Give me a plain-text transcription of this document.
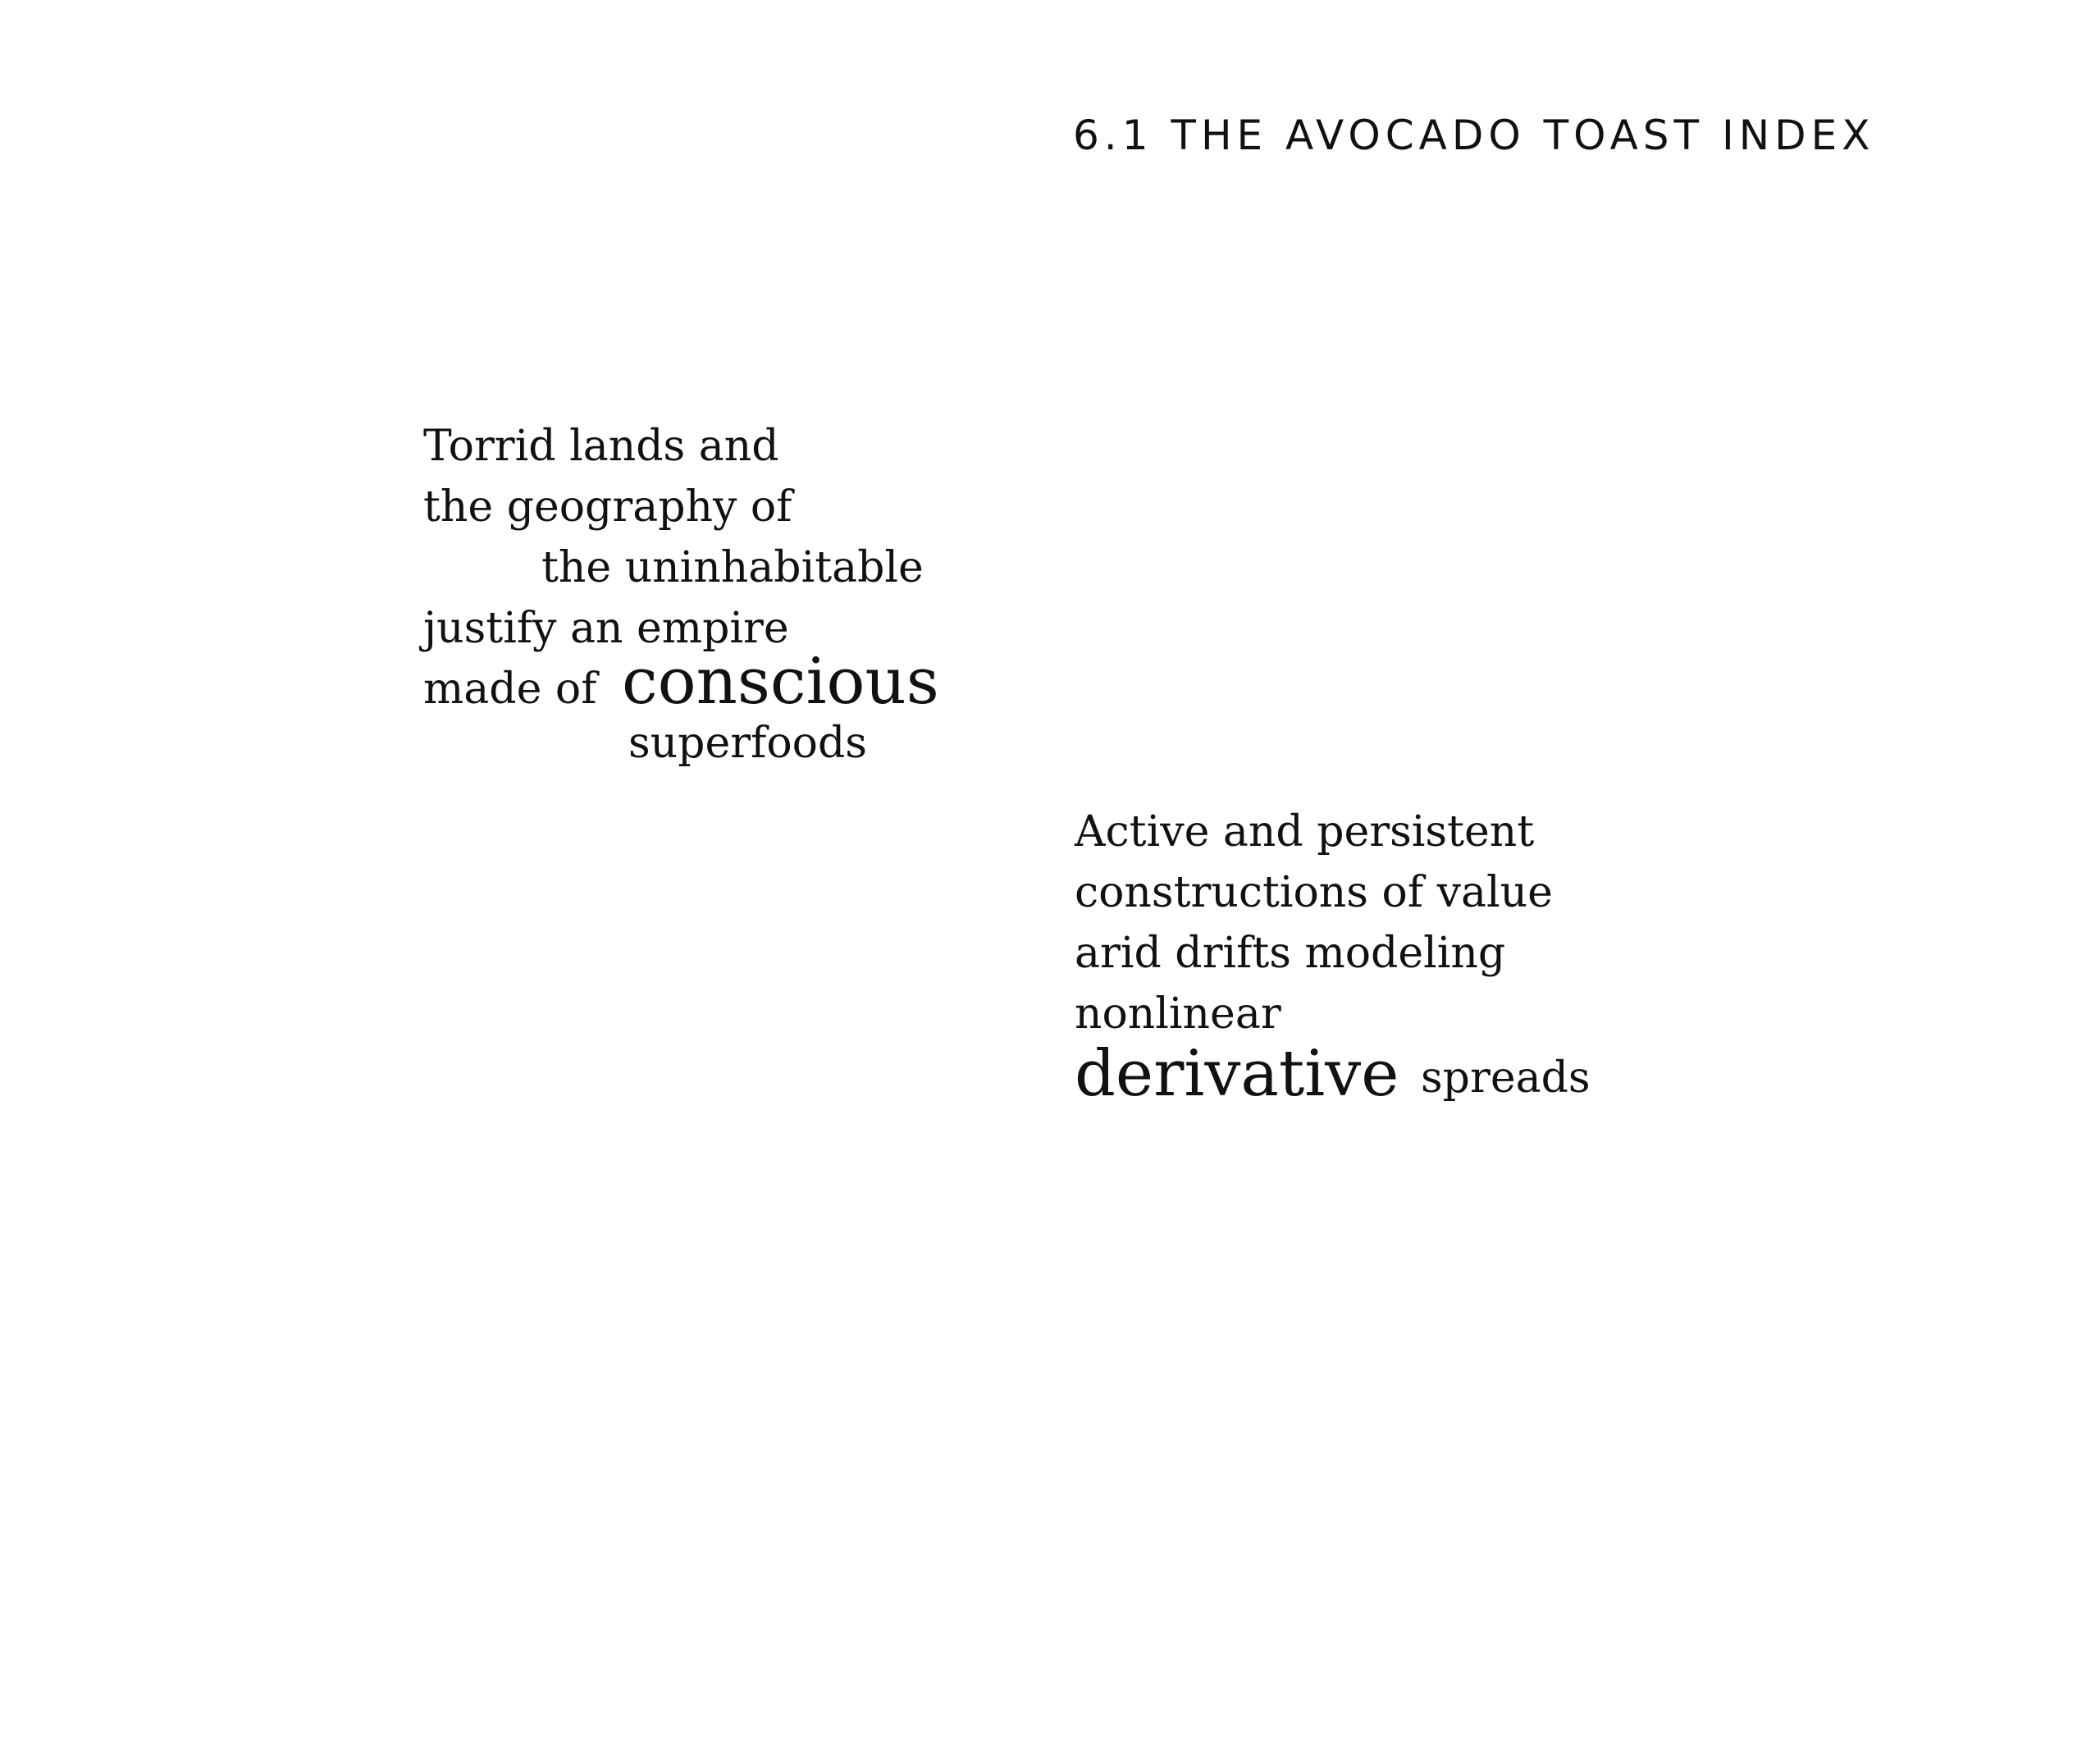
6.1 THE AVOCADO TOAST INDEX

Torrid lands and

the geography of

the uninhabitable

justify an empire

made of conscious

superfoods

Active and persistent

constructions of value

arid drifts modeling

nonlinear

derivative spreads
